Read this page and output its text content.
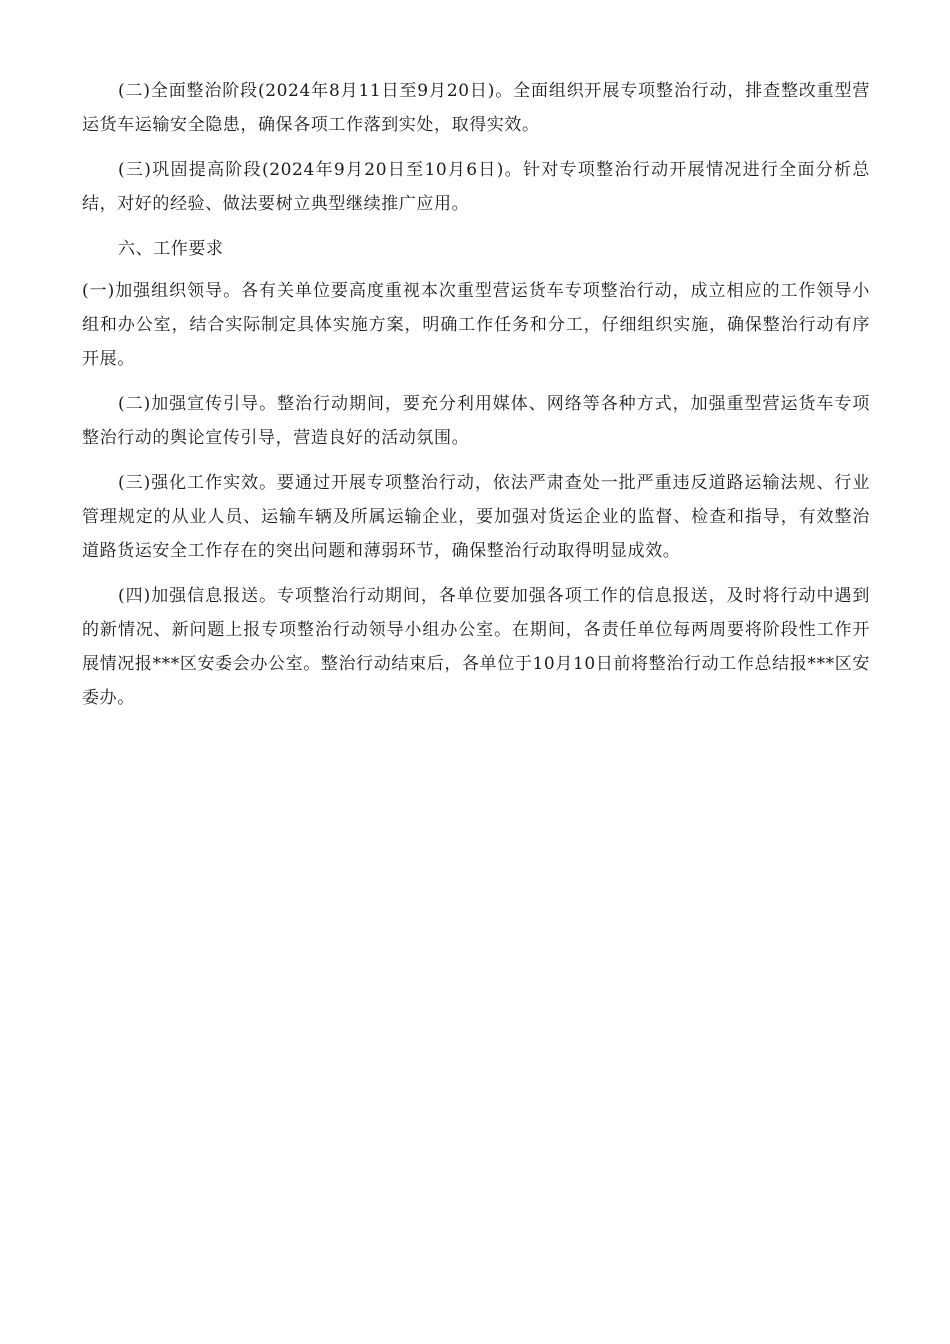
(二)全面整治阶段(2024年8月11日至9月20日)。全面组织开展专项整治行动，排查整改重型营运货车运输安全隐患，确保各项工作落到实处，取得实效。

(三)巩固提高阶段(2024年9月20日至10月6日)。针对专项整治行动开展情况进行全面分析总结，对好的经验、做法要树立典型继续推广应用。

六、工作要求

(一)加强组织领导。各有关单位要高度重视本次重型营运货车专项整治行动，成立相应的工作领导小组和办公室，结合实际制定具体实施方案，明确工作任务和分工，仔细组织实施，确保整治行动有序开展。

(二)加强宣传引导。整治行动期间，要充分利用媒体、网络等各种方式，加强重型营运货车专项整治行动的舆论宣传引导，营造良好的活动氛围。

(三)强化工作实效。要通过开展专项整治行动，依法严肃查处一批严重违反道路运输法规、行业管理规定的从业人员、运输车辆及所属运输企业，要加强对货运企业的监督、检查和指导，有效整治道路货运安全工作存在的突出问题和薄弱环节，确保整治行动取得明显成效。

(四)加强信息报送。专项整治行动期间，各单位要加强各项工作的信息报送，及时将行动中遇到的新情况、新问题上报专项整治行动领导小组办公室。在期间，各责任单位每两周要将阶段性工作开展情况报***区安委会办公室。整治行动结束后，各单位于10月10日前将整治行动工作总结报***区安委办。
